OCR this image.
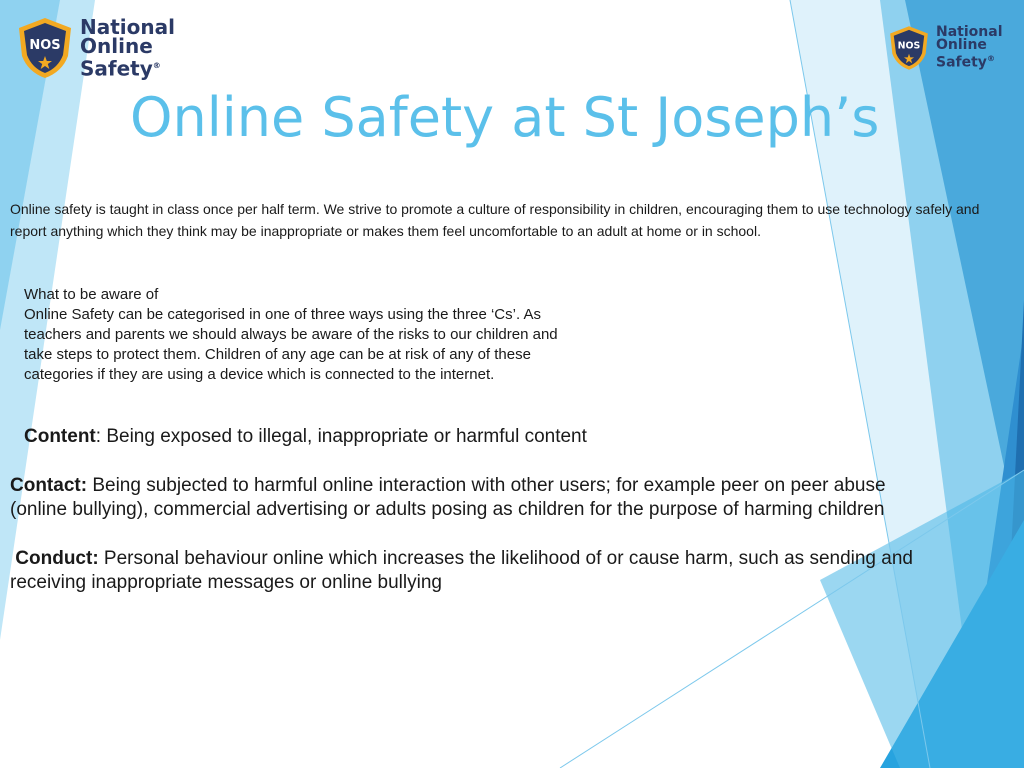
NOS
National
Online
Safety®
NOS
National
Online
Safety®
Online Safety at St Joseph’s
Online safety is taught in class once per half term. We strive to promote a culture of responsibility in children, encouraging them to use technology safely and report anything which they think may be inappropriate or makes them feel uncomfortable to an adult at home or in school.
What to be aware of
Online Safety can be categorised in one of three ways using the three ‘Cs’. As
teachers and parents we should always be aware of the risks to our children and
take steps to protect them. Children of any age can be at risk of any of these
categories if they are using a device which is connected to the internet.
Content: Being exposed to illegal, inappropriate or harmful content
Contact: Being subjected to harmful online interaction with other users; for example peer on peer abuse
(online bullying), commercial advertising or adults posing as children for the purpose of harming children
Conduct: Personal behaviour online which increases the likelihood of or cause harm, such as sending and
receiving inappropriate messages or online bullying
